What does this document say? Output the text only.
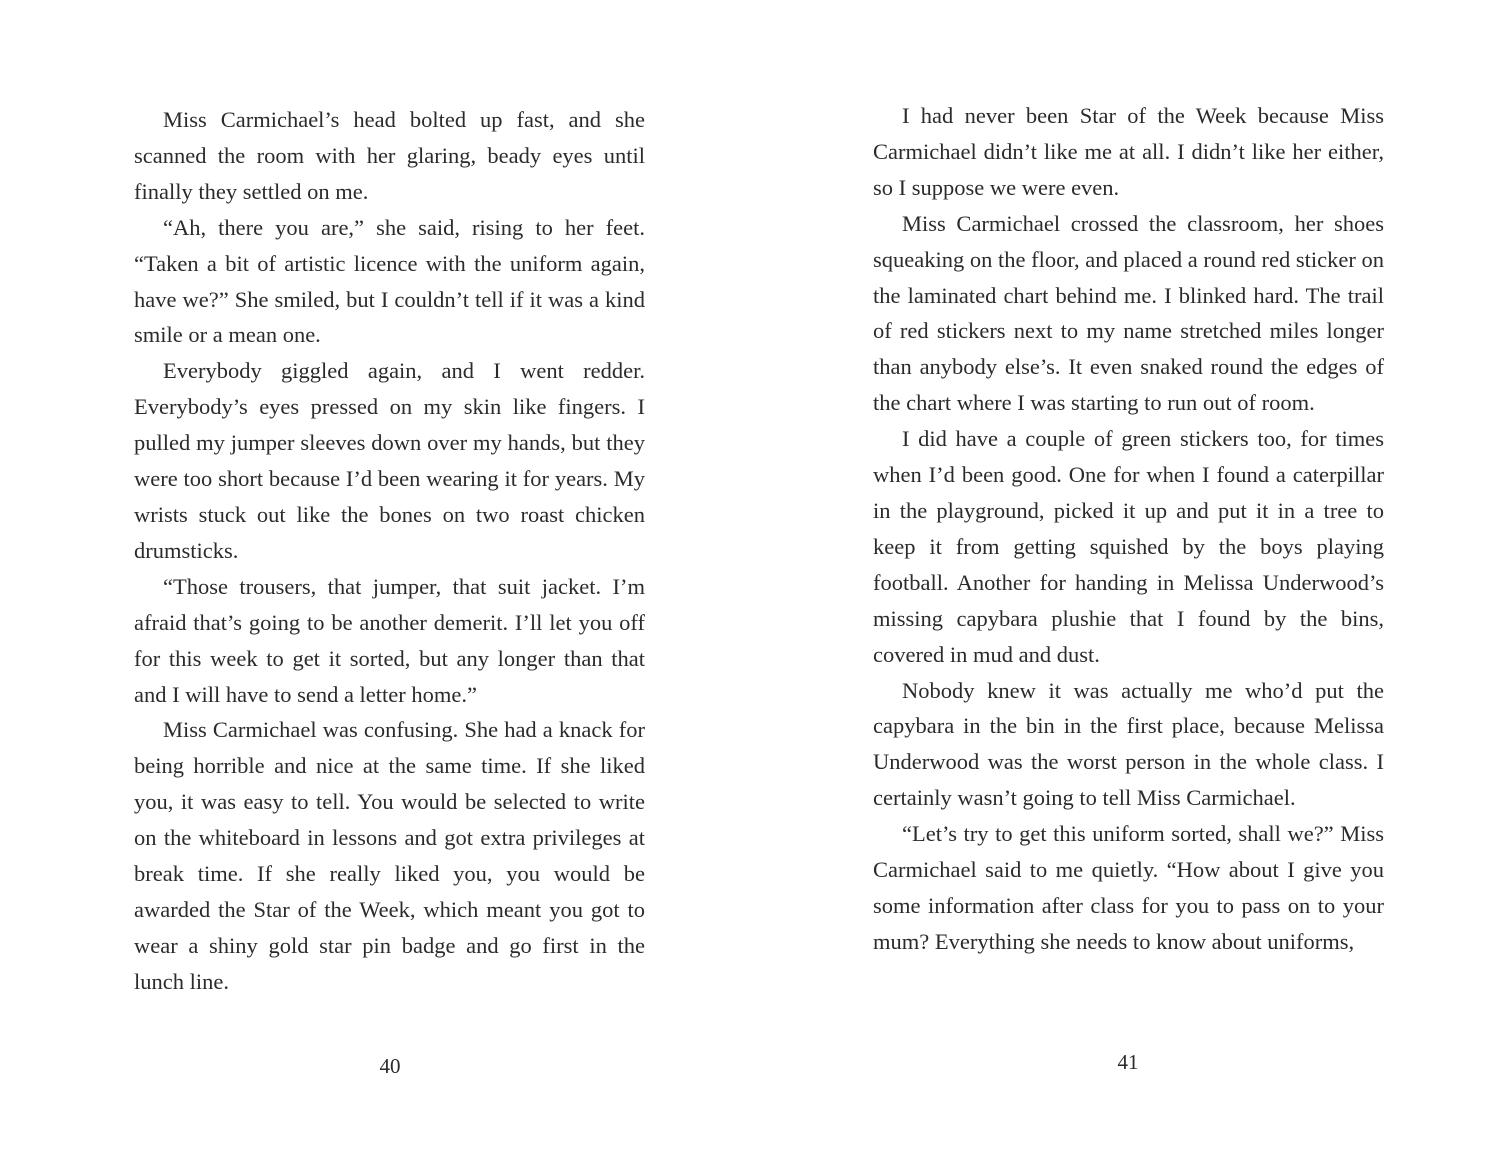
Miss Carmichael’s head bolted up fast, and she scanned the room with her glaring, beady eyes until finally they settled on me.

“Ah, there you are,” she said, rising to her feet. “Taken a bit of artistic licence with the uniform again, have we?” She smiled, but I couldn’t tell if it was a kind smile or a mean one.

Everybody giggled again, and I went redder. Everybody’s eyes pressed on my skin like fingers. I pulled my jumper sleeves down over my hands, but they were too short because I’d been wearing it for years. My wrists stuck out like the bones on two roast chicken drumsticks.

“Those trousers, that jumper, that suit jacket. I’m afraid that’s going to be another demerit. I’ll let you off for this week to get it sorted, but any longer than that and I will have to send a letter home.”

Miss Carmichael was confusing. She had a knack for being horrible and nice at the same time. If she liked you, it was easy to tell. You would be selected to write on the whiteboard in lessons and got extra privileges at break time. If she really liked you, you would be awarded the Star of the Week, which meant you got to wear a shiny gold star pin badge and go first in the lunch line.

40

I had never been Star of the Week because Miss Carmichael didn’t like me at all. I didn’t like her either, so I suppose we were even.

Miss Carmichael crossed the classroom, her shoes squeaking on the floor, and placed a round red sticker on the laminated chart behind me. I blinked hard. The trail of red stickers next to my name stretched miles longer than anybody else’s. It even snaked round the edges of the chart where I was starting to run out of room.

I did have a couple of green stickers too, for times when I’d been good. One for when I found a caterpillar in the playground, picked it up and put it in a tree to keep it from getting squished by the boys playing football. Another for handing in Melissa Underwood’s missing capybara plushie that I found by the bins, covered in mud and dust.

Nobody knew it was actually me who’d put the capybara in the bin in the first place, because Melissa Underwood was the worst person in the whole class. I certainly wasn’t going to tell Miss Carmichael.

“Let’s try to get this uniform sorted, shall we?” Miss Carmichael said to me quietly. “How about I give you some information after class for you to pass on to your mum? Everything she needs to know about uniforms,

41
